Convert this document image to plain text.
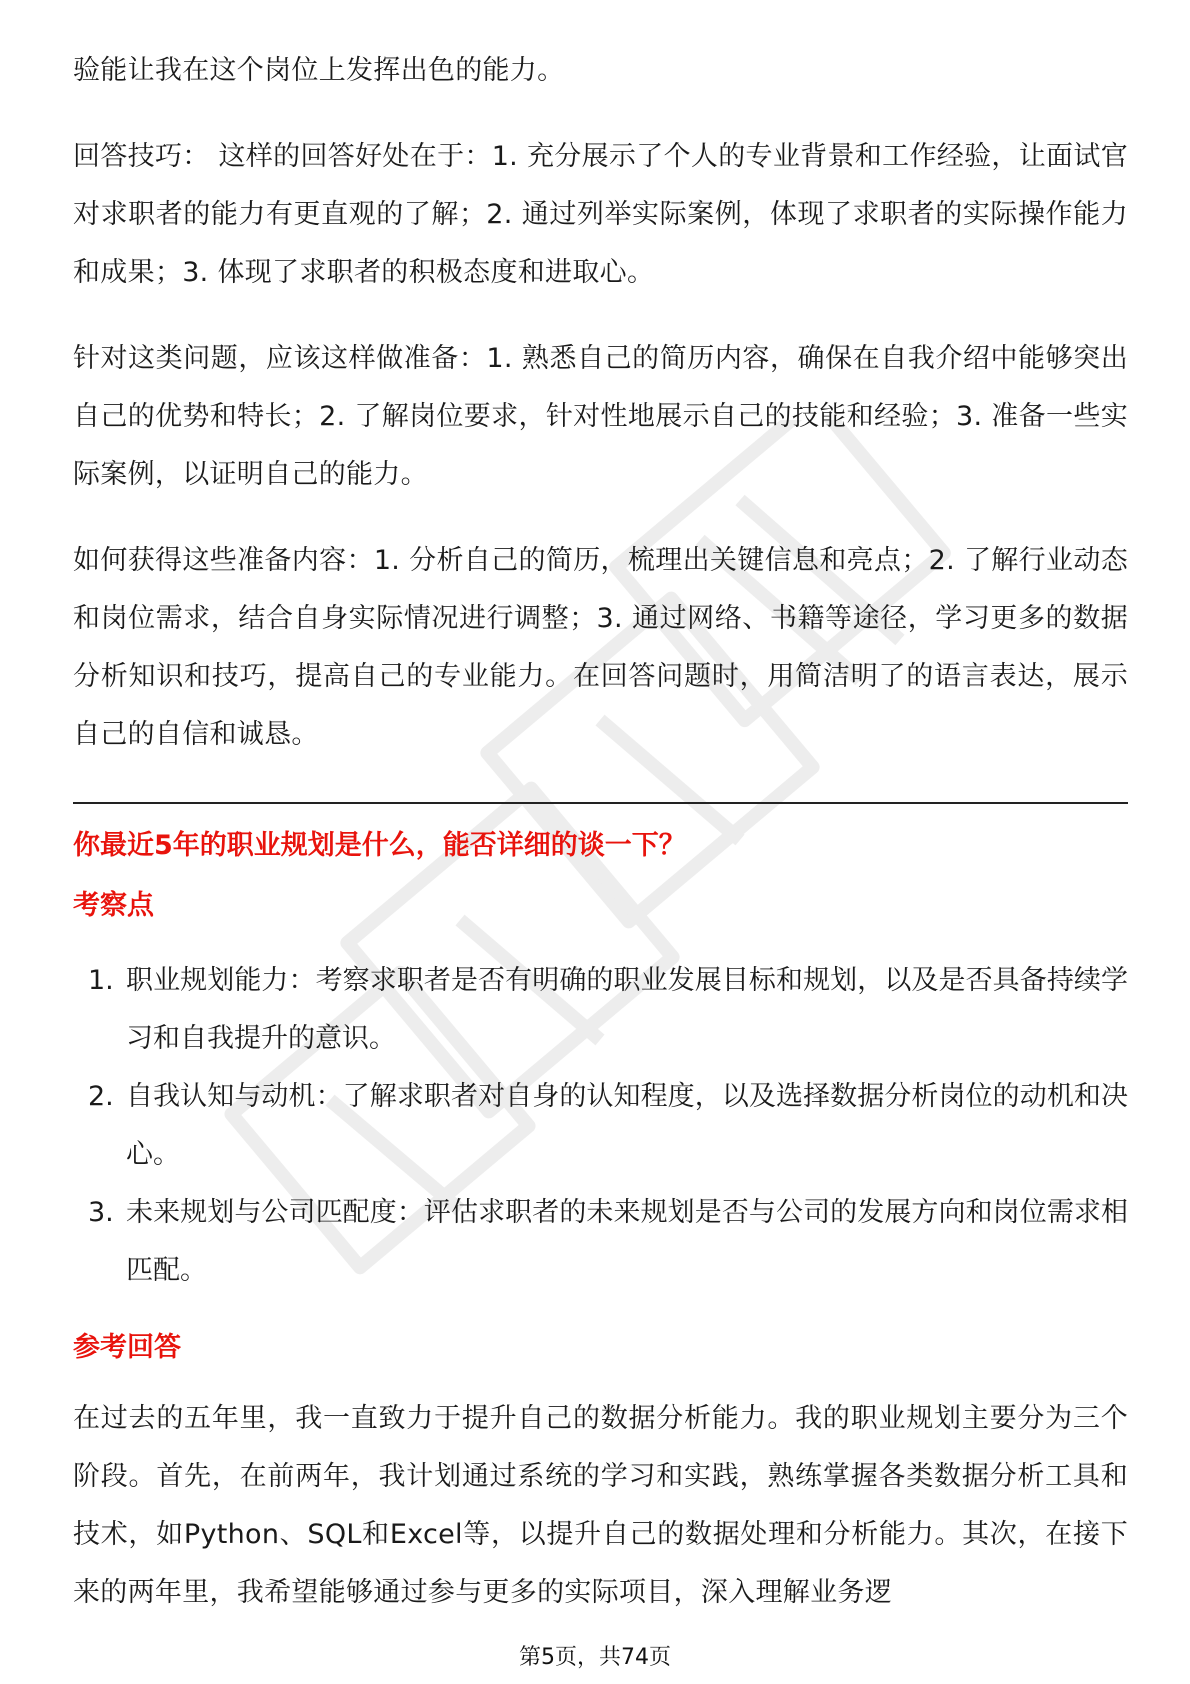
验能让我在这个岗位上发挥出色的能力。

回答技巧： 这样的回答好处在于：1. 充分展示了个人的专业背景和工作经验，让面试官对求职者的能力有更直观的了解；2. 通过列举实际案例，体现了求职者的实际操作能力和成果；3. 体现了求职者的积极态度和进取心。

针对这类问题，应该这样做准备：1. 熟悉自己的简历内容，确保在自我介绍中能够突出自己的优势和特长；2. 了解岗位要求，针对性地展示自己的技能和经验；3. 准备一些实际案例，以证明自己的能力。

如何获得这些准备内容：1. 分析自己的简历，梳理出关键信息和亮点；2. 了解行业动态和岗位需求，结合自身实际情况进行调整；3. 通过网络、书籍等途径，学习更多的数据分析知识和技巧，提高自己的专业能力。在回答问题时，用简洁明了的语言表达，展示自己的自信和诚恳。

你最近5年的职业规划是什么，能否详细的谈一下？
考察点
1. 职业规划能力：考察求职者是否有明确的职业发展目标和规划，以及是否具备持续学习和自我提升的意识。
2. 自我认知与动机：了解求职者对自身的认知程度，以及选择数据分析岗位的动机和决心。
3. 未来规划与公司匹配度：评估求职者的未来规划是否与公司的发展方向和岗位需求相匹配。
参考回答

在过去的五年里，我一直致力于提升自己的数据分析能力。我的职业规划主要分为三个阶段。首先，在前两年，我计划通过系统的学习和实践，熟练掌握各类数据分析工具和技术，如Python、SQL和Excel等，以提升自己的数据处理和分析能力。其次，在接下来的两年里，我希望能够通过参与更多的实际项目，深入理解业务逻

第5页，共74页
